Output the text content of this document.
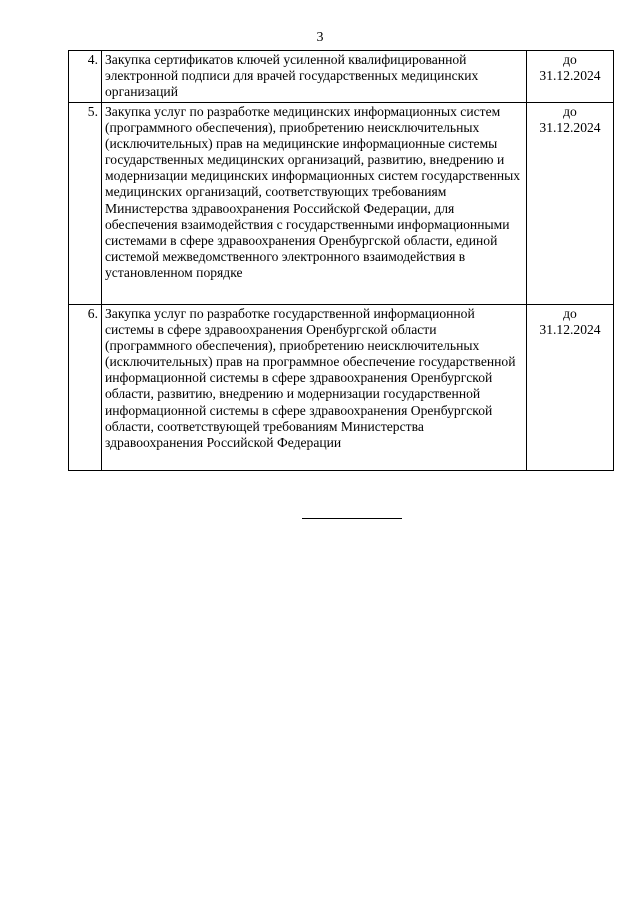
3
4.	Закупка сертификатов ключей усиленной квалифицированной электронной подписи для врачей государственных медицинских организаций	до
31.12.2024

5.	Закупка услуг по разработке медицинских информационных систем (программного обеспечения), приобретению неисключительных (исключительных) прав на медицинские информационные системы государственных медицинских организаций, развитию, внедрению и модернизации медицинских информационных систем государственных медицинских организаций, соответствующих требованиям Министерства здравоохранения Российской Федерации, для обеспечения взаимодействия с государственными информационными системами в сфере здравоохранения Оренбургской области, единой системой межведомственного электронного взаимодействия в установленном порядке	до
31.12.2024

6.	Закупка услуг по разработке государственной информационной системы в сфере здравоохранения Оренбургской области (программного обеспечения), приобретению неисключительных (исключительных) прав на программное обеспечение государственной информационной системы в сфере здравоохранения Оренбургской области, развитию, внедрению и модернизации государственной информационной системы в сфере здравоохранения Оренбургской области, соответствующей требованиям Министерства здравоохранения Российской Федерации	до
31.12.2024
